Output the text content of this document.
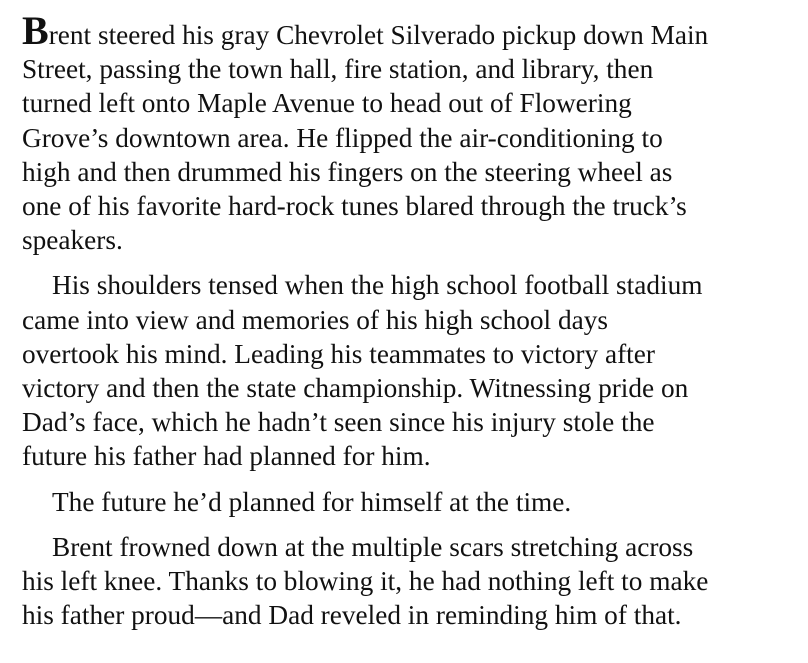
Brent steered his gray Chevrolet Silverado pickup down Main
Street, passing the town hall, fire station, and library, then
turned left onto Maple Avenue to head out of Flowering
Grove’s downtown area. He flipped the air-conditioning to
high and then drummed his fingers on the steering wheel as
one of his favorite hard-rock tunes blared through the truck’s
speakers.

His shoulders tensed when the high school football stadium
came into view and memories of his high school days
overtook his mind. Leading his teammates to victory after
victory and then the state championship. Witnessing pride on
Dad’s face, which he hadn’t seen since his injury stole the
future his father had planned for him.

The future he’d planned for himself at the time.

Brent frowned down at the multiple scars stretching across
his left knee. Thanks to blowing it, he had nothing left to make
his father proud—and Dad reveled in reminding him of that.
